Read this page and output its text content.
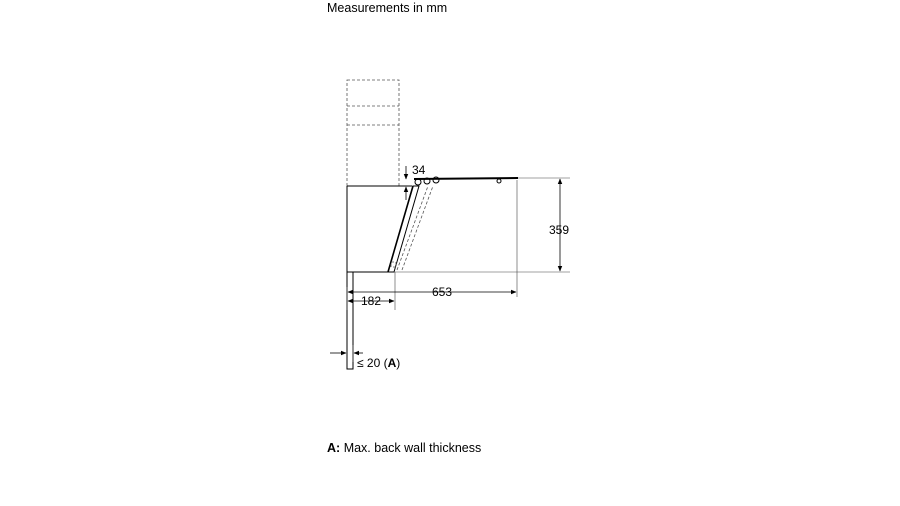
Measurements in mm
359
34
653
182
≤ 20 (A)
A: Max. back wall thickness
